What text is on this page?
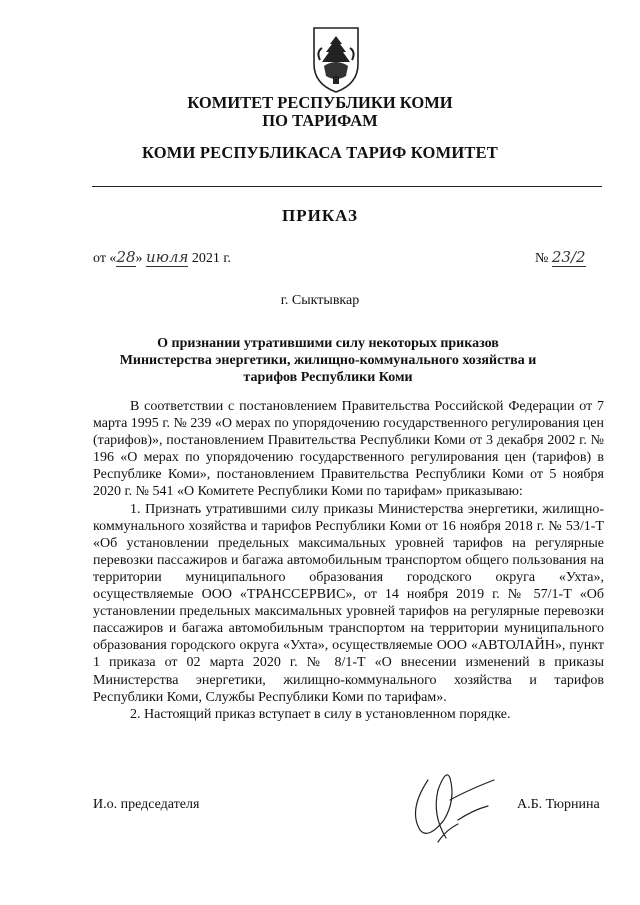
КОМИТЕТ РЕСПУБЛИКИ КОМИ
ПО ТАРИФАМ
КОМИ РЕСПУБЛИКАСА ТАРИФ КОМИТЕТ
ПРИКАЗ
от «28» июля 2021 г.	№ 23/2
г. Сыктывкар
О признании утратившими силу некоторых приказов Министерства энергетики, жилищно-коммунального хозяйства и тарифов Республики Коми

В соответствии с постановлением Правительства Российской Федерации от 7 марта 1995 г. № 239 «О мерах по упорядочению государственного регулирования цен (тарифов)», постановлением Правительства Республики Коми от 3 декабря 2002 г. № 196 «О мерах по упорядочению государственного регулирования цен (тарифов) в Республике Коми», постановлением Правительства Республики Коми от 5 ноября 2020 г. № 541 «О Комитете Республики Коми по тарифам» приказываю:

1. Признать утратившими силу приказы Министерства энергетики, жилищно-коммунального хозяйства и тарифов Республики Коми от 16 ноября 2018 г. № 53/1-Т «Об установлении предельных максимальных уровней тарифов на регулярные перевозки пассажиров и багажа автомобильным транспортом общего пользования на территории муниципального образования городского округа «Ухта», осуществляемые ООО «ТРАНССЕРВИС», от 14 ноября 2019 г. № 57/1-Т «Об установлении предельных максимальных уровней тарифов на регулярные перевозки пассажиров и багажа автомобильным транспортом на территории муниципального образования городского округа «Ухта», осуществляемые ООО «АВТОЛАЙН», пункт 1 приказа от 02 марта 2020 г. № 8/1-Т «О внесении изменений в приказы Министерства энергетики, жилищно-коммунального хозяйства и тарифов Республики Коми, Службы Республики Коми по тарифам».

2. Настоящий приказ вступает в силу в установленном порядке.

И.о. председателя	А.Б. Тюрнина
